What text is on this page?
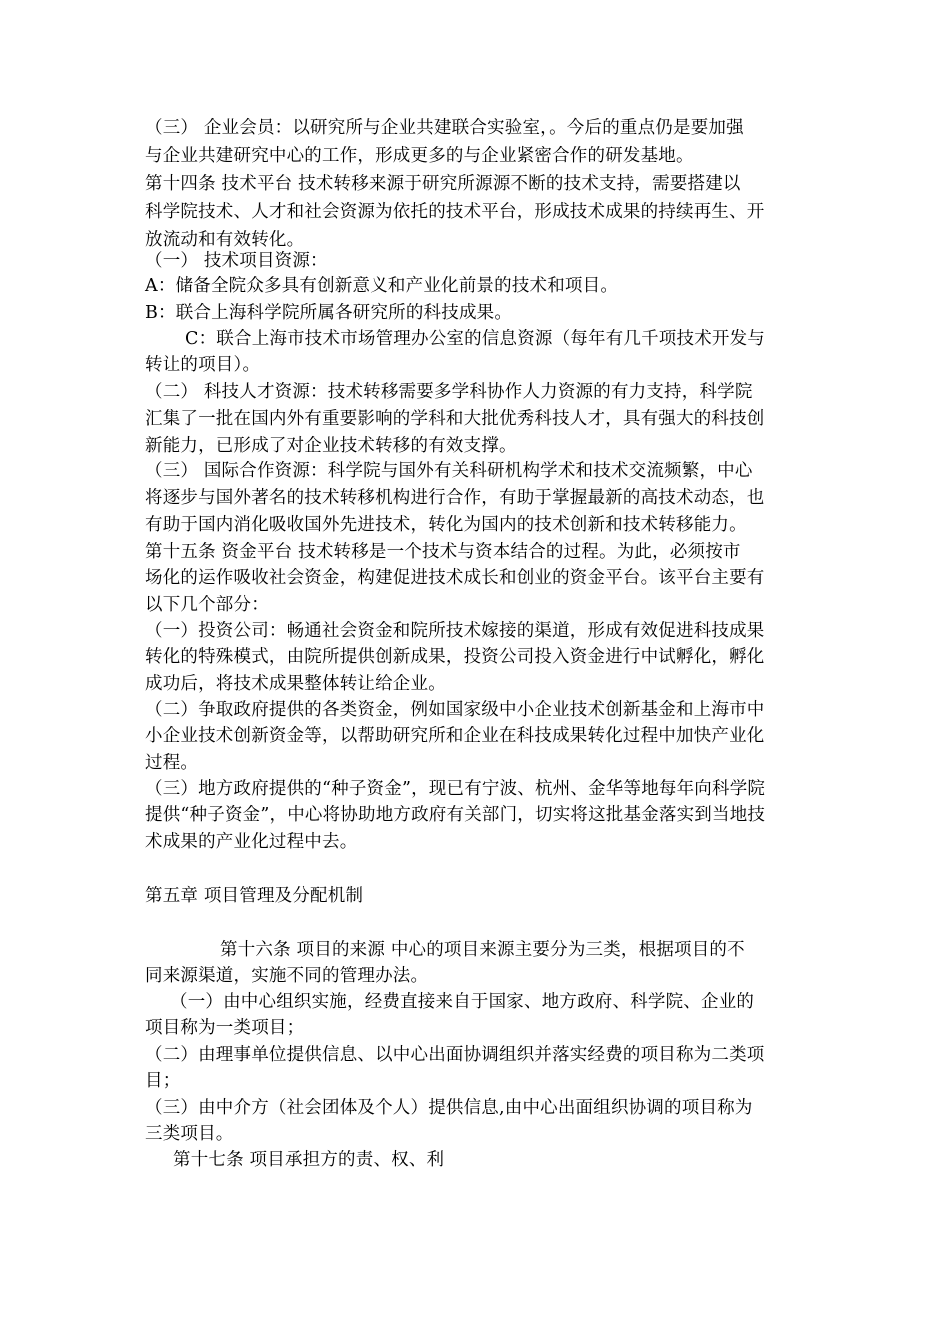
（三） 企业会员：以研究所与企业共建联合实验室，。今后的重点仍是要加强
与企业共建研究中心的工作，形成更多的与企业紧密合作的研发基地。
第十四条 技术平台 技术转移来源于研究所源源不断的技术支持，需要搭建以
科学院技术、人才和社会资源为依托的技术平台，形成技术成果的持续再生、开
放流动和有效转化。
（一） 技术项目资源：
A：储备全院众多具有创新意义和产业化前景的技术和项目。
B：联合上海科学院所属各研究所的科技成果。
C：联合上海市技术市场管理办公室的信息资源（每年有几千项技术开发与
转让的项目）。
（二） 科技人才资源：技术转移需要多学科协作人力资源的有力支持，科学院
汇集了一批在国内外有重要影响的学科和大批优秀科技人才，具有强大的科技创
新能力，已形成了对企业技术转移的有效支撑。
（三） 国际合作资源：科学院与国外有关科研机构学术和技术交流频繁，中心
将逐步与国外著名的技术转移机构进行合作，有助于掌握最新的高技术动态，也
有助于国内消化吸收国外先进技术，转化为国内的技术创新和技术转移能力。
第十五条 资金平台 技术转移是一个技术与资本结合的过程。为此，必须按市
场化的运作吸收社会资金，构建促进技术成长和创业的资金平台。该平台主要有
以下几个部分：
（一）投资公司：畅通社会资金和院所技术嫁接的渠道，形成有效促进科技成果
转化的特殊模式，由院所提供创新成果，投资公司投入资金进行中试孵化，孵化
成功后，将技术成果整体转让给企业。
（二）争取政府提供的各类资金，例如国家级中小企业技术创新基金和上海市中
小企业技术创新资金等，以帮助研究所和企业在科技成果转化过程中加快产业化
过程。
（三）地方政府提供的“种子资金”，现已有宁波、杭州、金华等地每年向科学院
提供“种子资金”，中心将协助地方政府有关部门，切实将这批基金落实到当地技
术成果的产业化过程中去。
第五章 项目管理及分配机制
第十六条 项目的来源 中心的项目来源主要分为三类，根据项目的不
同来源渠道，实施不同的管理办法。
（一）由中心组织实施，经费直接来自于国家、地方政府、科学院、企业的
项目称为一类项目；
（二）由理事单位提供信息、以中心出面协调组织并落实经费的项目称为二类项
目；
（三）由中介方（社会团体及个人）提供信息,由中心出面组织协调的项目称为
三类项目。
第十七条 项目承担方的责、权、利
